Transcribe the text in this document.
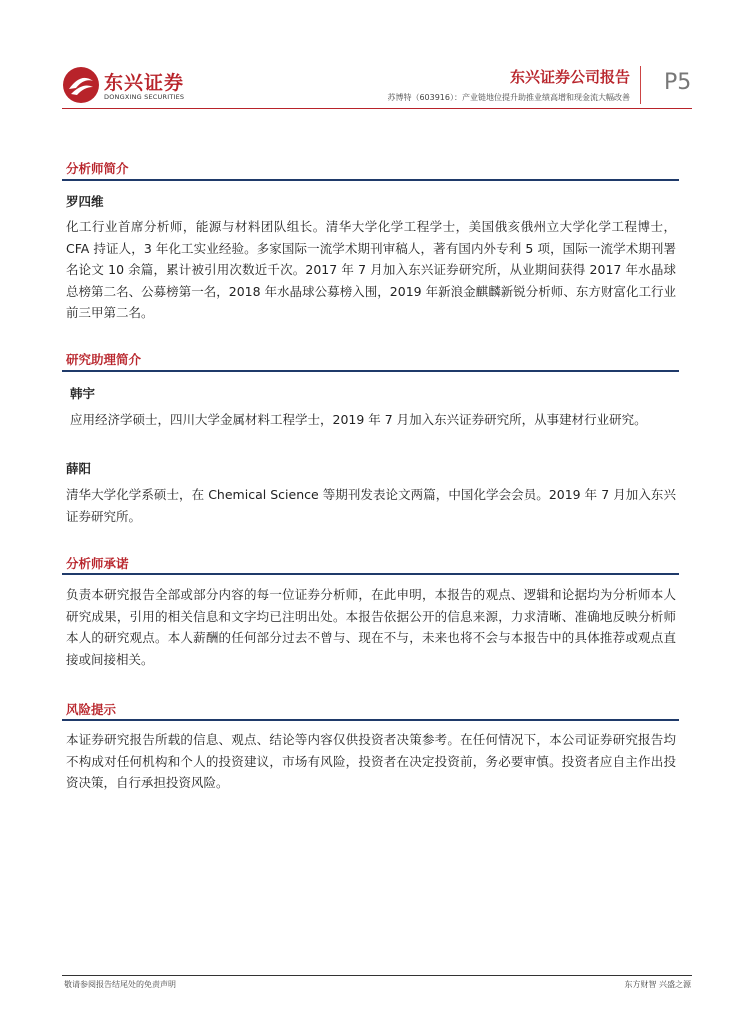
东兴证券
DONGXING SECURITIES
东兴证券公司报告
苏博特（603916）：产业链地位提升助推业绩高增和现金流大幅改善
P5
分析师简介
罗四维
化工行业首席分析师，能源与材料团队组长。清华大学化学工程学士，美国俄亥俄州立大学化学工程博士，CFA 持证人，3 年化工实业经验。多家国际一流学术期刊审稿人，著有国内外专利 5 项，国际一流学术期刊署名论文 10 余篇，累计被引用次数近千次。2017 年 7 月加入东兴证券研究所，从业期间获得 2017 年水晶球总榜第二名、公募榜第一名，2018 年水晶球公募榜入围，2019 年新浪金麒麟新锐分析师、东方财富化工行业前三甲第二名。
研究助理简介
韩宇
应用经济学硕士，四川大学金属材料工程学士，2019 年 7 月加入东兴证券研究所，从事建材行业研究。
薛阳
清华大学化学系硕士，在 Chemical Science 等期刊发表论文两篇，中国化学会会员。2019 年 7 月加入东兴证券研究所。
分析师承诺
负责本研究报告全部或部分内容的每一位证券分析师，在此申明，本报告的观点、逻辑和论据均为分析师本人研究成果，引用的相关信息和文字均已注明出处。本报告依据公开的信息来源，力求清晰、准确地反映分析师本人的研究观点。本人薪酬的任何部分过去不曾与、现在不与，未来也将不会与本报告中的具体推荐或观点直接或间接相关。
风险提示
本证券研究报告所载的信息、观点、结论等内容仅供投资者决策参考。在任何情况下，本公司证券研究报告均不构成对任何机构和个人的投资建议，市场有风险，投资者在决定投资前，务必要审慎。投资者应自主作出投资决策，自行承担投资风险。
敬请参阅报告结尾处的免责声明	东方财智 兴盛之源
